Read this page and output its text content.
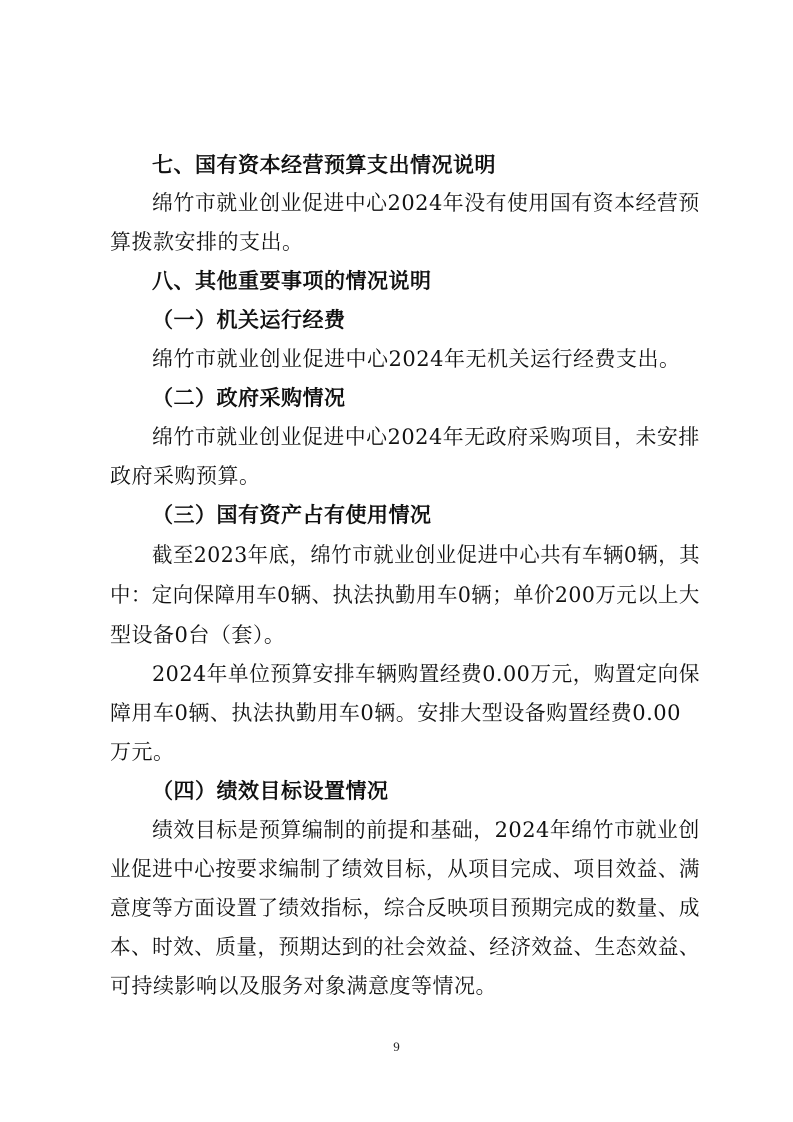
七、国有资本经营预算支出情况说明
绵竹市就业创业促进中心2024年没有使用国有资本经营预
算拨款安排的支出。
八、其他重要事项的情况说明
（一）机关运行经费
绵竹市就业创业促进中心2024年无机关运行经费支出。
（二）政府采购情况
绵竹市就业创业促进中心2024年无政府采购项目，未安排
政府采购预算。
（三）国有资产占有使用情况
截至2023年底，绵竹市就业创业促进中心共有车辆0辆，其
中：定向保障用车0辆、执法执勤用车0辆；单价200万元以上大
型设备0台（套）。
2024年单位预算安排车辆购置经费0.00万元，购置定向保
障用车0辆、执法执勤用车0辆。安排大型设备购置经费0.00
万元。
（四）绩效目标设置情况
绩效目标是预算编制的前提和基础，2024年绵竹市就业创
业促进中心按要求编制了绩效目标，从项目完成、项目效益、满
意度等方面设置了绩效指标，综合反映项目预期完成的数量、成
本、时效、质量，预期达到的社会效益、经济效益、生态效益、
可持续影响以及服务对象满意度等情况。
9
